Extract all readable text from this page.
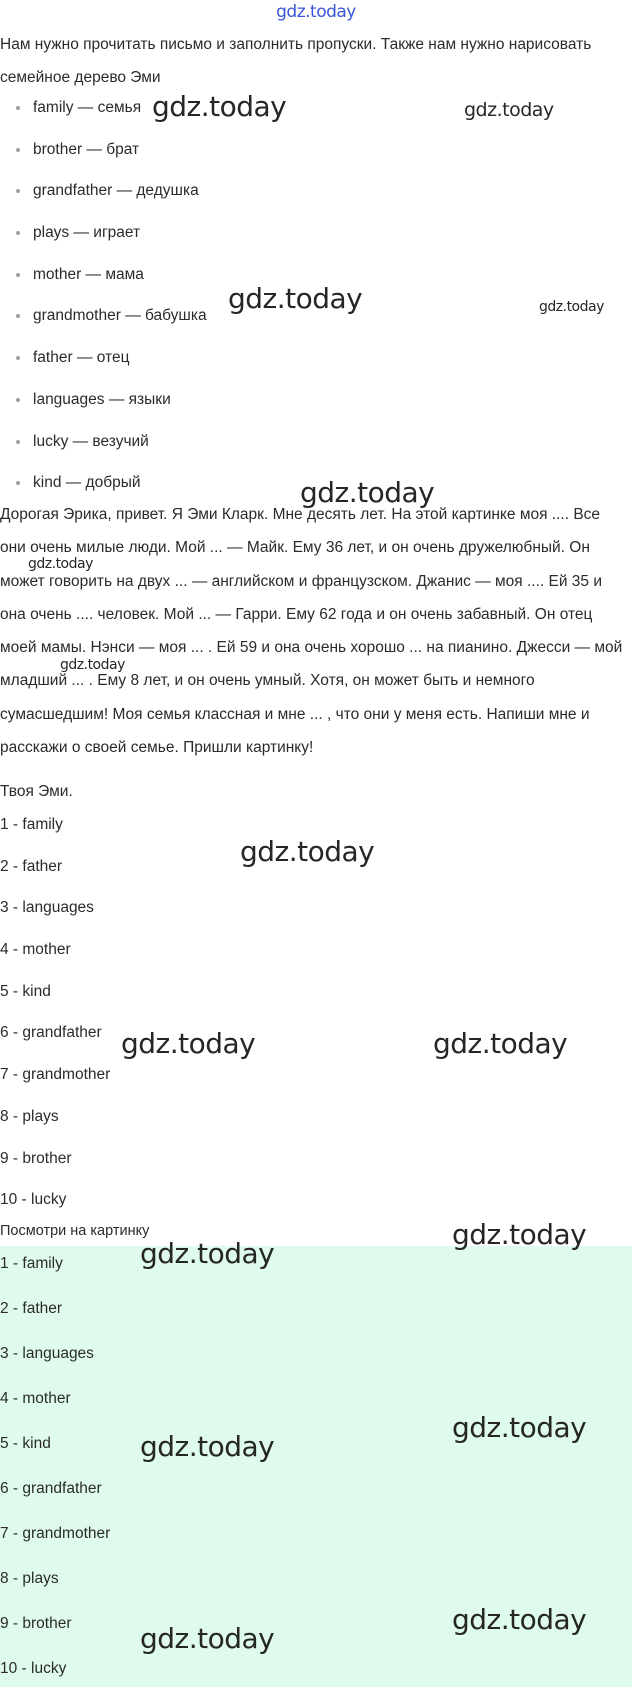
gdz.today
Нам нужно прочитать письмо и заполнить пропуски. Также нам нужно нарисовать семейное дерево Эми
family — семья
brother — брат
grandfather — дедушка
plays — играет
mother — мама
grandmother — бабушка
father — отец
languages — языки
lucky — везучий
kind — добрый
Дорогая Эрика, привет. Я Эми Кларк. Мне десять лет. На этой картинке моя .... Все они очень милые люди. Мой ... — Майк. Ему 36 лет, и он очень дружелюбный. Он может говорить на двух ... — английском и французском. Джанис — моя .... Ей 35 и она очень .... человек. Мой ... — Гарри. Ему 62 года и он очень забавный. Он отец моей мамы. Нэнси — моя ... . Ей 59 и она очень хорошо ... на пианино. Джесси — мой младший ... . Ему 8 лет, и он очень умный. Хотя, он может быть и немного сумасшедшим! Моя семья классная и мне ... , что они у меня есть. Напиши мне и расскажи о своей семье. Пришли картинку!
Твоя Эми.
1 - family
2 - father
3 - languages
4 - mother
5 - kind
6 - grandfather
7 - grandmother
8 - plays
9 - brother
10 - lucky
Посмотри на картинку
1 - family
2 - father
3 - languages
4 - mother
5 - kind
6 - grandfather
7 - grandmother
8 - plays
9 - brother
10 - lucky
gdz.today	gdz.today
gdz.today	gdz.today
gdz.today
gdz.today
gdz.today
gdz.today
gdz.today	gdz.today
gdz.today
gdz.today
gdz.today
gdz.today
gdz.today
gdz.today
